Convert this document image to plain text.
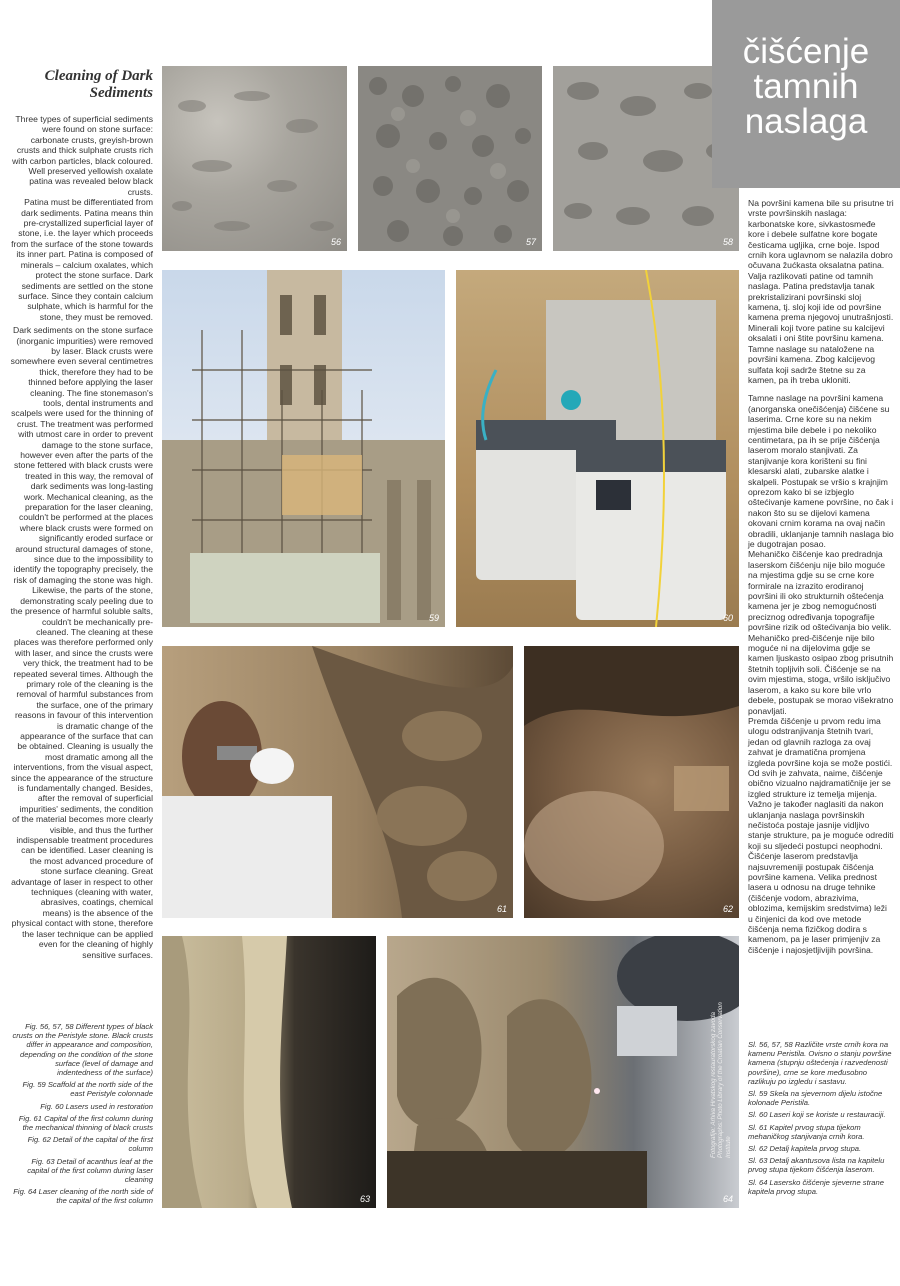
56	57	58
59	60
61	62
63	64
čišćenje
tamnih
naslaga
Cleaning of Dark
Sediments

Three types of superficial sediments were found on stone surface: carbonate crusts, greyish-brown crusts and thick sulphate crusts rich with carbon particles, black coloured. Well preserved yellowish oxalate patina was revealed below black crusts.

Patina must be differentiated from dark sediments. Patina means thin pre-crystallized superficial layer of stone, i.e. the layer which proceeds from the surface of the stone towards its inner part. Patina is composed of minerals – calcium oxalates, which protect the stone surface. Dark sediments are settled on the stone surface. Since they contain calcium sulphate, which is harmful for the stone, they must be removed.

Dark sediments on the stone surface (inorganic impurities) were removed by laser. Black crusts were somewhere even several centimetres thick, therefore they had to be thinned before applying the laser cleaning. The fine stonemason's tools, dental instruments and scalpels were used for the thinning of crust. The treatment was performed with utmost care in order to prevent damage to the stone surface, however even after the parts of the stone fettered with black crusts were treated in this way, the removal of dark sediments was long-lasting work. Mechanical cleaning, as the preparation for the laser cleaning, couldn't be performed at the places where black crusts were formed on significantly eroded surface or around structural damages of stone, since due to the impossibility to identify the topography precisely, the risk of damaging the stone was high. Likewise, the parts of the stone, demonstrating scaly peeling due to the presence of harmful soluble salts, couldn't be mechanically pre-cleaned. The cleaning at these places was therefore performed only with laser, and since the crusts were very thick, the treatment had to be repeated several times. Although the primary role of the cleaning is the removal of harmful substances from the surface, one of the primary reasons in favour of this intervention is dramatic change of the appearance of the surface that can be obtained. Cleaning is usually the most dramatic among all the interventions, from the visual aspect, since the appearance of the structure is fundamentally changed. Besides, after the removal of superficial impurities' sediments, the condition of the material becomes more clearly visible, and thus the further indispensable treatment procedures can be identified. Laser cleaning is the most advanced procedure of stone surface cleaning. Great advantage of laser in respect to other techniques (cleaning with water, abrasives, coatings, chemical means) is the absence of the physical contact with stone, therefore the laser technique can be applied even for the cleaning of highly sensitive surfaces.

Fig. 56, 57, 58 Different types of black crusts on the Peristyle stone. Black crusts differ in appearance and composition, depending on the condition of the stone surface (level of damage and indentedness of the surface)

Fig. 59 Scaffold at the north side of the east Peristyle colonnade

Fig. 60 Lasers used in restoration

Fig. 61 Capital of the first column during the mechanical thinning of black crusts

Fig. 62 Detail of the capital of the first column

Fig. 63 Detail of acanthus leaf at the capital of the first column during laser cleaning

Fig. 64 Laser cleaning of the north side of the capital of the first column

Na površini kamena bile su prisutne tri vrste površinskih naslaga: karbonatske kore, sivkastosmeđe kore i debele sulfatne kore bogate česticama ugljika, crne boje. Ispod crnih kora uglavnom se nalazila dobro očuvana žućkasta oksalatna patina.

Valja razlikovati patine od tamnih naslaga. Patina predstavlja tanak prekristalizirani površinski sloj kamena, tj. sloj koji ide od površine kamena prema njegovoj unutrašnjosti. Minerali koji tvore patine su kalcijevi oksalati i oni štite površinu kamena. Tamne naslage su nataložene na površini kamena. Zbog kalcijevog sulfata koji sadrže štetne su za kamen, pa ih treba ukloniti.

Tamne naslage na površini kamena (anorganska onečišćenja) čišćene su laserima. Crne kore su na nekim mjestima bile debele i po nekoliko centimetara, pa ih se prije čišćenja laserom moralo stanjivati. Za stanjivanje kora korišteni su fini klesarski alati, zubarske alatke i skalpeli. Postupak se vršio s krajnjim oprezom kako bi se izbjeglo oštećivanje kamene površine, no čak i nakon što su se dijelovi kamena okovani crnim korama na ovaj način obradili, uklanjanje tamnih naslaga bio je dugotrajan posao.

Mehaničko čišćenje kao predradnja laserskom čišćenju nije bilo moguće na mjestima gdje su se crne kore formirale na izrazito erodiranoj površini ili oko strukturnih oštećenja kamena jer je zbog nemogućnosti preciznog određivanja topografije površine rizik od oštećivanja bio velik. Mehaničko pred-čišćenje nije bilo moguće ni na dijelovima gdje se kamen ljuskasto osipao zbog prisutnih štetnih topljivih soli. Čišćenje se na ovim mjestima, stoga, vršilo isključivo laserom, a kako su kore bile vrlo debele, postupak se morao višekratno ponavljati.

Premda čišćenje u prvom redu ima ulogu odstranjivanja štetnih tvari, jedan od glavnih razloga za ovaj zahvat je dramatična promjena izgleda površine koja se može postići. Od svih je zahvata, naime, čišćenje obično vizualno najdramatičnije jer se izgled strukture iz temelja mijenja. Važno je također naglasiti da nakon uklanjanja naslaga površinskih nečistoća postaje jasnije vidljivo stanje strukture, pa je moguće odrediti koji su sljedeći postupci neophodni.

Čišćenje laserom predstavlja najsuvremeniji postupak čišćenja površine kamena. Velika prednost lasera u odnosu na druge tehnike (čišćenje vodom, abrazivima, oblozima, kemijskim sredstvima) leži u činjenici da kod ove metode čišćenja nema fizičkog dodira s kamenom, pa je laser primjenjiv za čišćenje i najosjetljivijih površina.

Sl. 56, 57, 58 Različite vrste crnih kora na kamenu Peristila. Ovisno o stanju površine kamena (stupnju oštećenja i razvedenosti površine), crne se kore međusobno razlikuju po izgledu i sastavu.

Sl. 59 Skela na sjevernom dijelu istočne kolonade Peristila.

Sl. 60 Laseri koji se koriste u restauraciji.

Sl. 61 Kapitel prvog stupa tijekom mehaničkog stanjivanja crnih kora.

Sl. 62 Detalj kapitela prvog stupa.

Sl. 63 Detalj akantusova lista na kapitelu prvog stupa tijekom čišćenja laserom.

Sl. 64 Lasersko čišćenje sjeverne strane kapitela prvog stupa.

Fotografije: Arhiva Hrvatskog restauratorskog zavoda Photographs: Photo Library of the Croatian Conservation Institute
